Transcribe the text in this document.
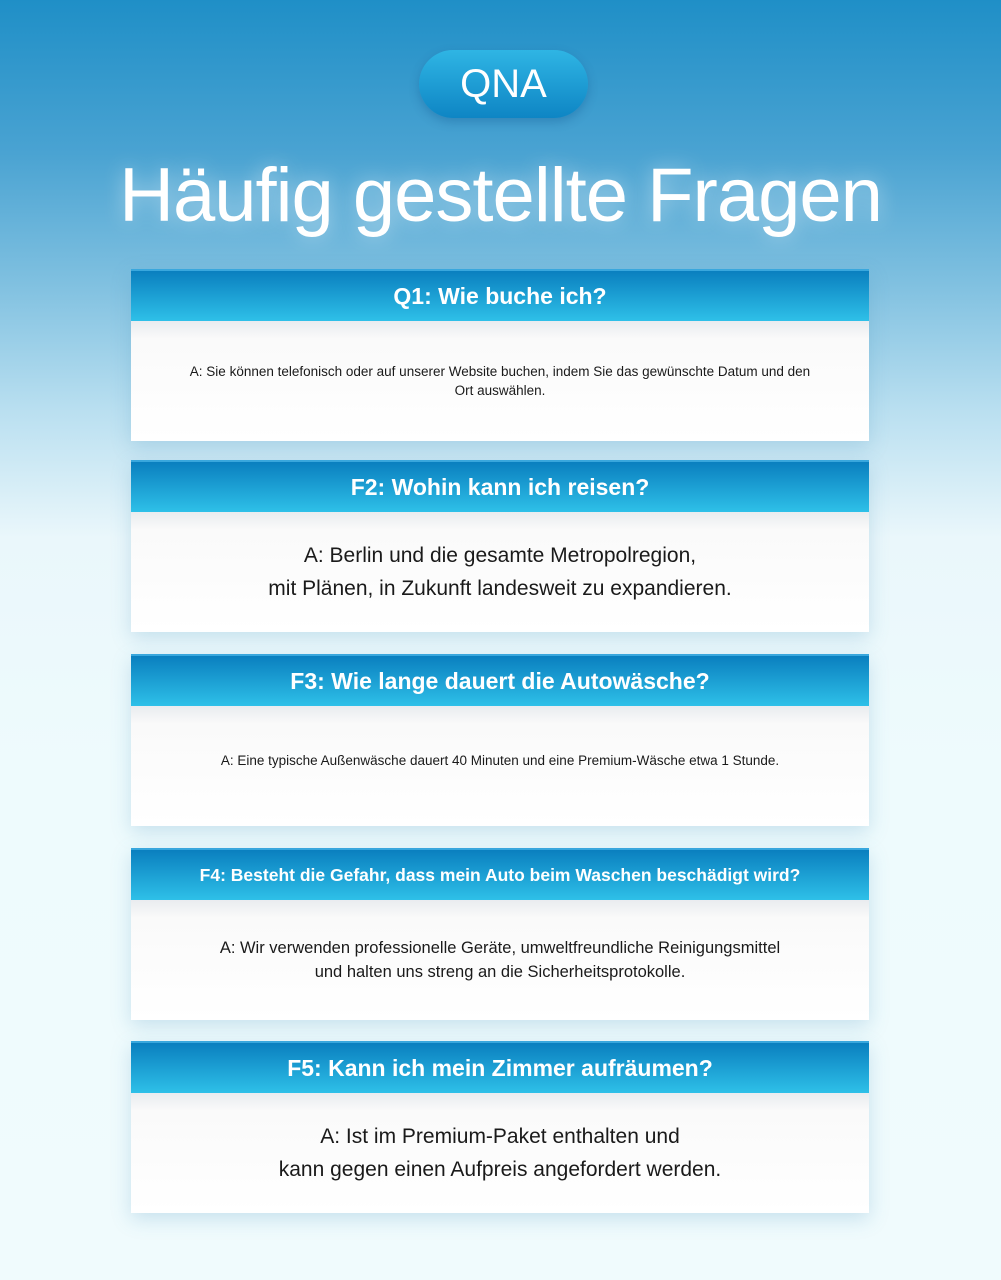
QNA
Häufig gestellte Fragen
Q1: Wie buche ich?
A: Sie können telefonisch oder auf unserer Website buchen, indem Sie das gewünschte Datum und den Ort auswählen.
F2: Wohin kann ich reisen?
A: Berlin und die gesamte Metropolregion,
mit Plänen, in Zukunft landesweit zu expandieren.
F3: Wie lange dauert die Autowäsche?
A: Eine typische Außenwäsche dauert 40 Minuten und eine Premium-Wäsche etwa 1 Stunde.
F4: Besteht die Gefahr, dass mein Auto beim Waschen beschädigt wird?
A: Wir verwenden professionelle Geräte, umweltfreundliche Reinigungsmittel
und halten uns streng an die Sicherheitsprotokolle.
F5: Kann ich mein Zimmer aufräumen?
A: Ist im Premium-Paket enthalten und
kann gegen einen Aufpreis angefordert werden.
